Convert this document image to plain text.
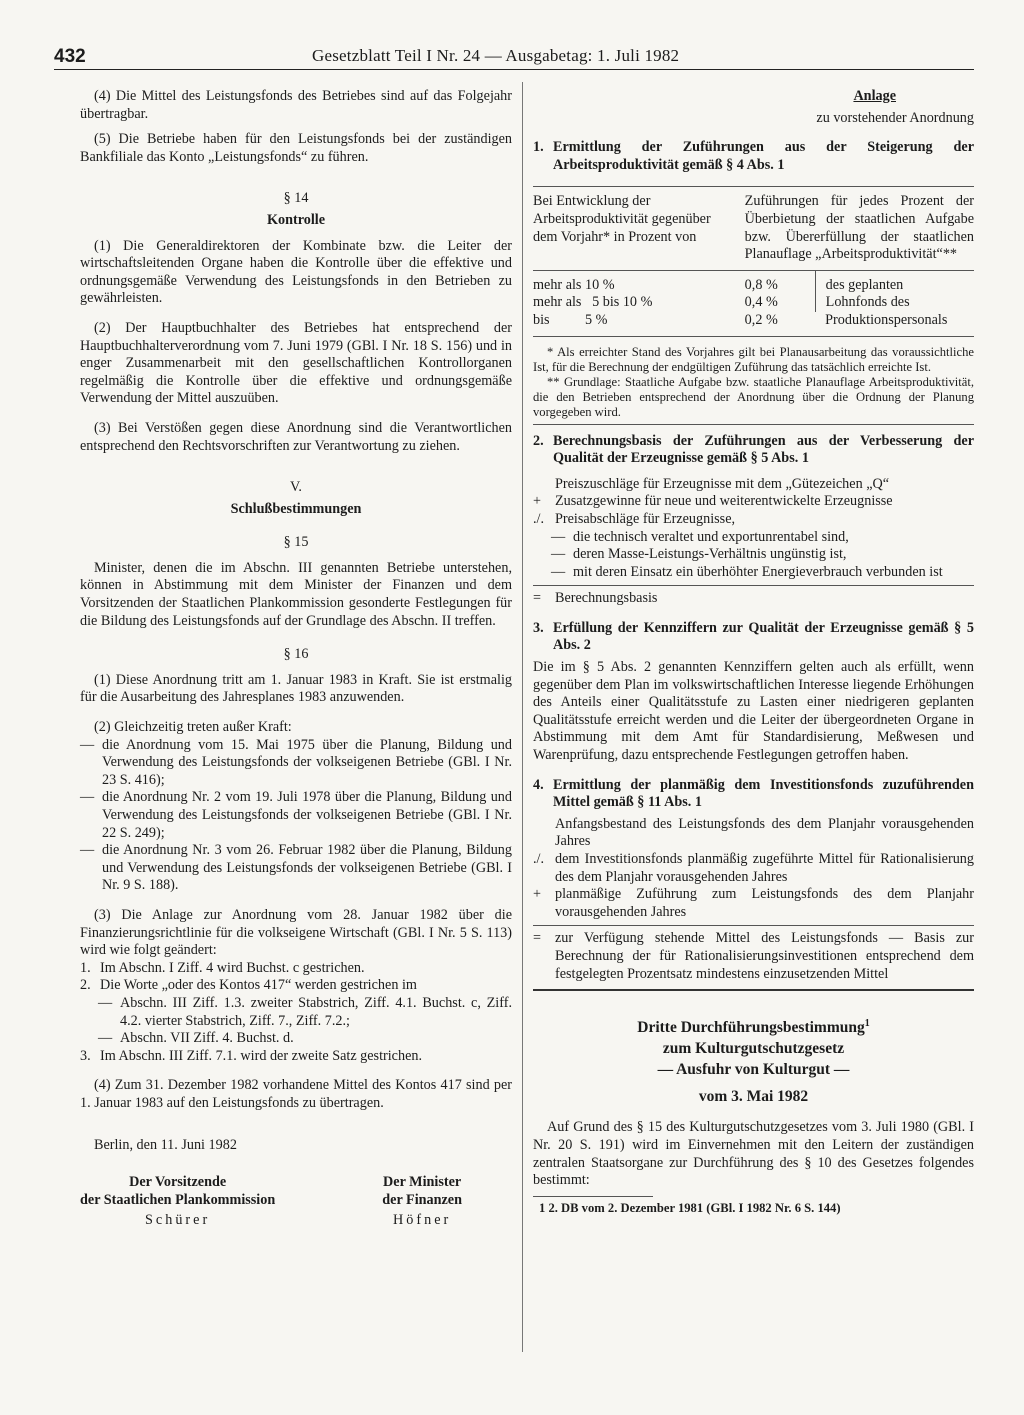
432	Gesetzblatt Teil I Nr. 24 — Ausgabetag: 1. Juli 1982

(4) Die Mittel des Leistungsfonds des Betriebes sind auf das Folgejahr übertragbar.

(5) Die Betriebe haben für den Leistungsfonds bei der zuständigen Bankfiliale das Konto „Leistungsfonds“ zu führen.

§ 14

Kontrolle

(1) Die Generaldirektoren der Kombinate bzw. die Leiter der wirtschaftsleitenden Organe haben die Kontrolle über die effektive und ordnungsgemäße Verwendung des Leistungsfonds in den Betrieben zu gewährleisten.

(2) Der Hauptbuchhalter des Betriebes hat entsprechend der Hauptbuchhalterverordnung vom 7. Juni 1979 (GBl. I Nr. 18 S. 156) und in enger Zusammenarbeit mit den gesellschaftlichen Kontrollorganen regelmäßig die Kontrolle über die effektive und ordnungsgemäße Verwendung der Mittel auszuüben.

(3) Bei Verstößen gegen diese Anordnung sind die Verantwortlichen entsprechend den Rechtsvorschriften zur Verantwortung zu ziehen.

V.

Schlußbestimmungen

§ 15

Minister, denen die im Abschn. III genannten Betriebe unterstehen, können in Abstimmung mit dem Minister der Finanzen und dem Vorsitzenden der Staatlichen Plankommission gesonderte Festlegungen für die Bildung des Leistungsfonds auf der Grundlage des Abschn. II treffen.

§ 16

(1) Diese Anordnung tritt am 1. Januar 1983 in Kraft. Sie ist erstmalig für die Ausarbeitung des Jahresplanes 1983 anzuwenden.

(2) Gleichzeitig treten außer Kraft:

— die Anordnung vom 15. Mai 1975 über die Planung, Bildung und Verwendung des Leistungsfonds der volkseigenen Betriebe (GBl. I Nr. 23 S. 416);
— die Anordnung Nr. 2 vom 19. Juli 1978 über die Planung, Bildung und Verwendung des Leistungsfonds der volkseigenen Betriebe (GBl. I Nr. 22 S. 249);
— die Anordnung Nr. 3 vom 26. Februar 1982 über die Planung, Bildung und Verwendung des Leistungsfonds der volkseigenen Betriebe (GBl. I Nr. 9 S. 188).

(3) Die Anlage zur Anordnung vom 28. Januar 1982 über die Finanzierungsrichtlinie für die volkseigene Wirtschaft (GBl. I Nr. 5 S. 113) wird wie folgt geändert:

1. Im Abschn. I Ziff. 4 wird Buchst. c gestrichen.
2. Die Worte „oder des Kontos 417“ werden gestrichen im
— Abschn. III Ziff. 1.3. zweiter Stabstrich, Ziff. 4.1. Buchst. c, Ziff. 4.2. vierter Stabstrich, Ziff. 7., Ziff. 7.2.;
— Abschn. VII Ziff. 4. Buchst. d.
3. Im Abschn. III Ziff. 7.1. wird der zweite Satz gestrichen.

(4) Zum 31. Dezember 1982 vorhandene Mittel des Kontos 417 sind per 1. Januar 1983 auf den Leistungsfonds zu übertragen.

Berlin, den 11. Juni 1982

Der Vorsitzende
der Staatlichen Plankommission
Schürer
Der Minister
der Finanzen
Höfner

Anlage

zu vorstehender Anordnung

1. Ermittlung der Zuführungen aus der Steigerung der Arbeitsproduktivität gemäß § 4 Abs. 1
Bei Entwicklung der Arbeitsproduktivität gegenüber dem Vorjahr* in Prozent von	Zuführungen für jedes Prozent der Überbietung der staatlichen Aufgabe bzw. Übererfüllung der staatlichen Planauflage „Arbeitsproduktivität“**	
mehr als 10 %	0,8 %	des geplanten
mehr als   5 bis 10 %	0,4 %	Lohnfonds des
bis          5 %	0,2 %	Produktionspersonals

* Als erreichter Stand des Vorjahres gilt bei Planausarbeitung das voraussichtliche Ist, für die Berechnung der endgültigen Zuführung das tatsächlich erreichte Ist.

** Grundlage: Staatliche Aufgabe bzw. staatliche Planauflage Arbeitsproduktivität, die den Betrieben entsprechend der Anordnung über die Ordnung der Planung vorgegeben wird.

2. Berechnungsbasis der Zuführungen aus der Verbesserung der Qualität der Erzeugnisse gemäß § 5 Abs. 1
Preiszuschläge für Erzeugnisse mit dem „Gütezeichen „Q“
+ Zusatzgewinne für neue und weiterentwickelte Erzeugnisse
./. Preisabschläge für Erzeugnisse,
— die technisch veraltet und exportunrentabel sind,
— deren Masse-Leistungs-Verhältnis ungünstig ist,
— mit deren Einsatz ein überhöhter Energieverbrauch verbunden ist
= Berechnungsbasis
3. Erfüllung der Kennziffern zur Qualität der Erzeugnisse gemäß § 5 Abs. 2

Die im § 5 Abs. 2 genannten Kennziffern gelten auch als erfüllt, wenn gegenüber dem Plan im volkswirtschaftlichen Interesse liegende Erhöhungen des Anteils einer Qualitätsstufe zu Lasten einer niedrigeren geplanten Qualitätsstufe erreicht werden und die Leiter der übergeordneten Organe in Abstimmung mit dem Amt für Standardisierung, Meßwesen und Warenprüfung, dazu entsprechende Festlegungen getroffen haben.

4. Ermittlung der planmäßig dem Investitionsfonds zuzuführenden Mittel gemäß § 11 Abs. 1
Anfangsbestand des Leistungsfonds des dem Planjahr vorausgehenden Jahres
./. dem Investitionsfonds planmäßig zugeführte Mittel für Rationalisierung des dem Planjahr vorausgehenden Jahres
+ planmäßige Zuführung zum Leistungsfonds des dem Planjahr vorausgehenden Jahres
= zur Verfügung stehende Mittel des Leistungsfonds — Basis zur Berechnung der für Rationalisierungsinvestitionen entsprechend dem festgelegten Prozentsatz mindestens einzusetzenden Mittel
Dritte Durchführungsbestimmung$^1$
zum Kulturgutschutzgesetz
— Ausfuhr von Kulturgut —
vom 3. Mai 1982

Auf Grund des § 15 des Kulturgutschutzgesetzes vom 3. Juli 1980 (GBl. I Nr. 20 S. 191) wird im Einvernehmen mit den Leitern der zuständigen zentralen Staatsorgane zur Durchführung des § 10 des Gesetzes folgendes bestimmt:

1 2. DB vom 2. Dezember 1981 (GBl. I 1982 Nr. 6 S. 144)
